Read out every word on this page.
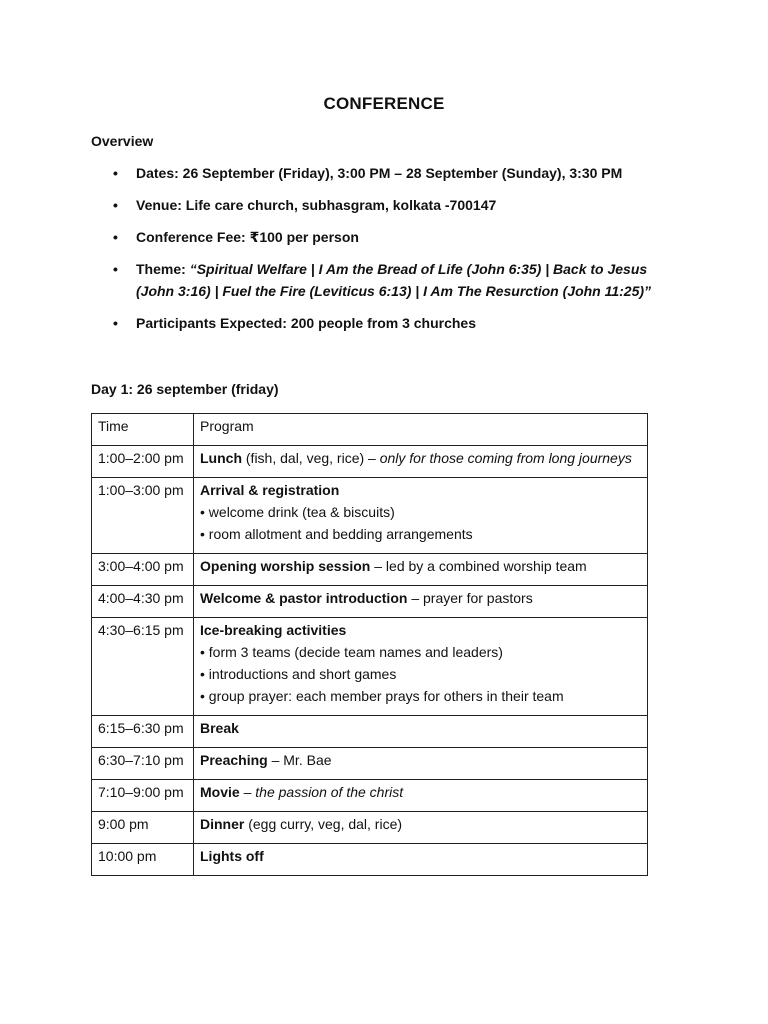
CONFERENCE
Overview
• Dates: 26 September (Friday), 3:00 PM – 28 September (Sunday), 3:30 PM
• Venue: Life care church, subhasgram, kolkata -700147
• Conference Fee: ₹100 per person
• Theme: “Spiritual Welfare | I Am the Bread of Life (John 6:35) | Back to Jesus (John 3:16) | Fuel the Fire (Leviticus 6:13) | I Am The Resurction (John 11:25)”
• Participants Expected: 200 people from 3 churches
Day 1: 26 september (friday)
Time	Program
1:00–2:00 pm	Lunch (fish, dal, veg, rice) – only for those coming from long journeys
1:00–3:00 pm	Arrival & registration
• welcome drink (tea & biscuits)
• room allotment and bedding arrangements

3:00–4:00 pm	Opening worship session – led by a combined worship team
4:00–4:30 pm	Welcome & pastor introduction – prayer for pastors
4:30–6:15 pm	Ice-breaking activities
• form 3 teams (decide team names and leaders)
• introductions and short games
• group prayer: each member prays for others in their team

6:15–6:30 pm	Break
6:30–7:10 pm	Preaching – Mr. Bae
7:10–9:00 pm	Movie – the passion of the christ
9:00 pm	Dinner (egg curry, veg, dal, rice)
10:00 pm	Lights off
